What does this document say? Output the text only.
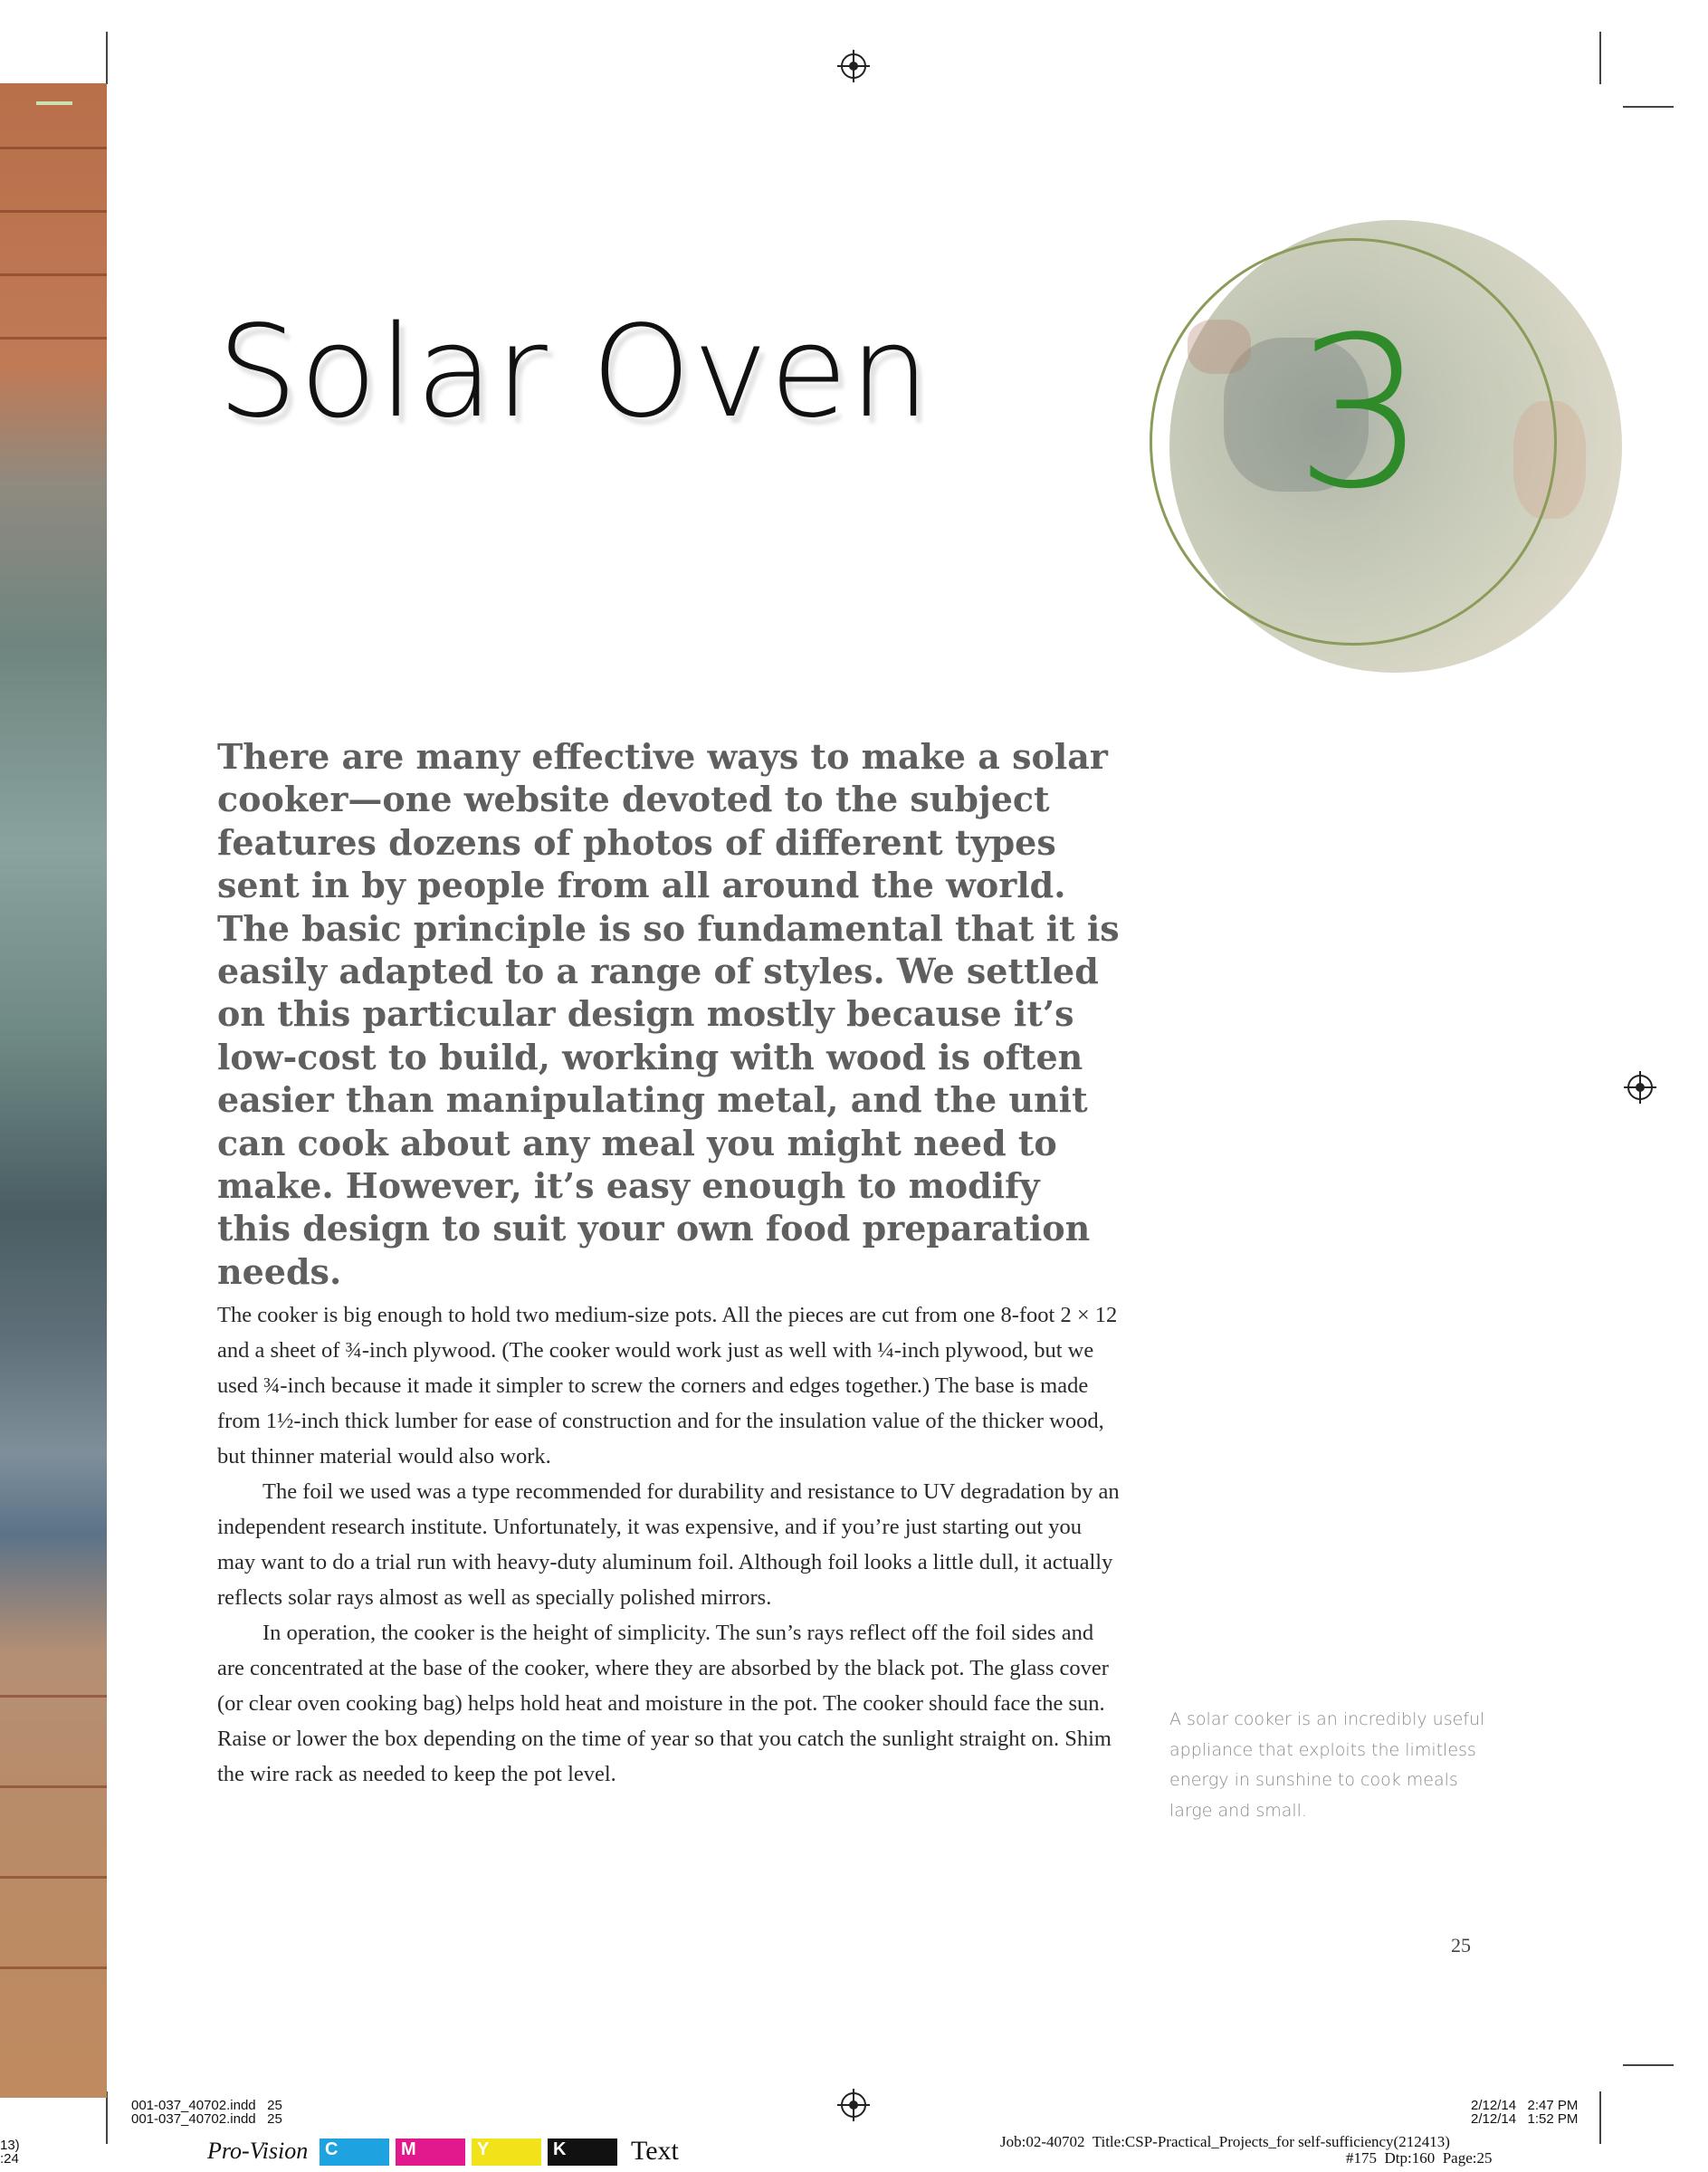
Solar Oven 3

There are many effective ways to make a solar cooker—one website devoted to the subject features dozens of photos of different types sent in by people from all around the world. The basic principle is so fundamental that it is easily adapted to a range of styles. We settled on this particular design mostly because it’s low-cost to build, working with wood is often easier than manipulating metal, and the unit can cook about any meal you might need to make. However, it’s easy enough to modify this design to suit your own food preparation needs.

The cooker is big enough to hold two medium-size pots. All the pieces are cut from one 8-foot 2 × 12 and a sheet of ¾-inch plywood. (The cooker would work just as well with ¼-inch plywood, but we used ¾-inch because it made it simpler to screw the corners and edges together.) The base is made from 1½-inch thick lumber for ease of construction and for the insulation value of the thicker wood, but thinner material would also work.

The foil we used was a type recommended for durability and resistance to UV degradation by an independent research institute. Unfortunately, it was expensive, and if you’re just starting out you may want to do a trial run with heavy-duty aluminum foil. Although foil looks a little dull, it actually reflects solar rays almost as well as specially polished mirrors.

In operation, the cooker is the height of simplicity. The sun’s rays reflect off the foil sides and are concentrated at the base of the cooker, where they are absorbed by the black pot. The glass cover (or clear oven cooking bag) helps hold heat and moisture in the pot. The cooker should face the sun. Raise or lower the box depending on the time of year so that you catch the sunlight straight on. Shim the wire rack as needed to keep the pot level.

A solar cooker is an incredibly useful appliance that exploits the limitless energy in sunshine to cook meals large and small.
25
001-037_40702.indd   25
001-037_40702.indd   25
2/12/14   2:47 PM
2/12/14   1:52 PM
13)
:24	Pro-Vision C	M	Y	K Text	Job:02-40702  Title:CSP-Practical_Projects_for self-sufficiency(212413)
#175  Dtp:160  Page:25
